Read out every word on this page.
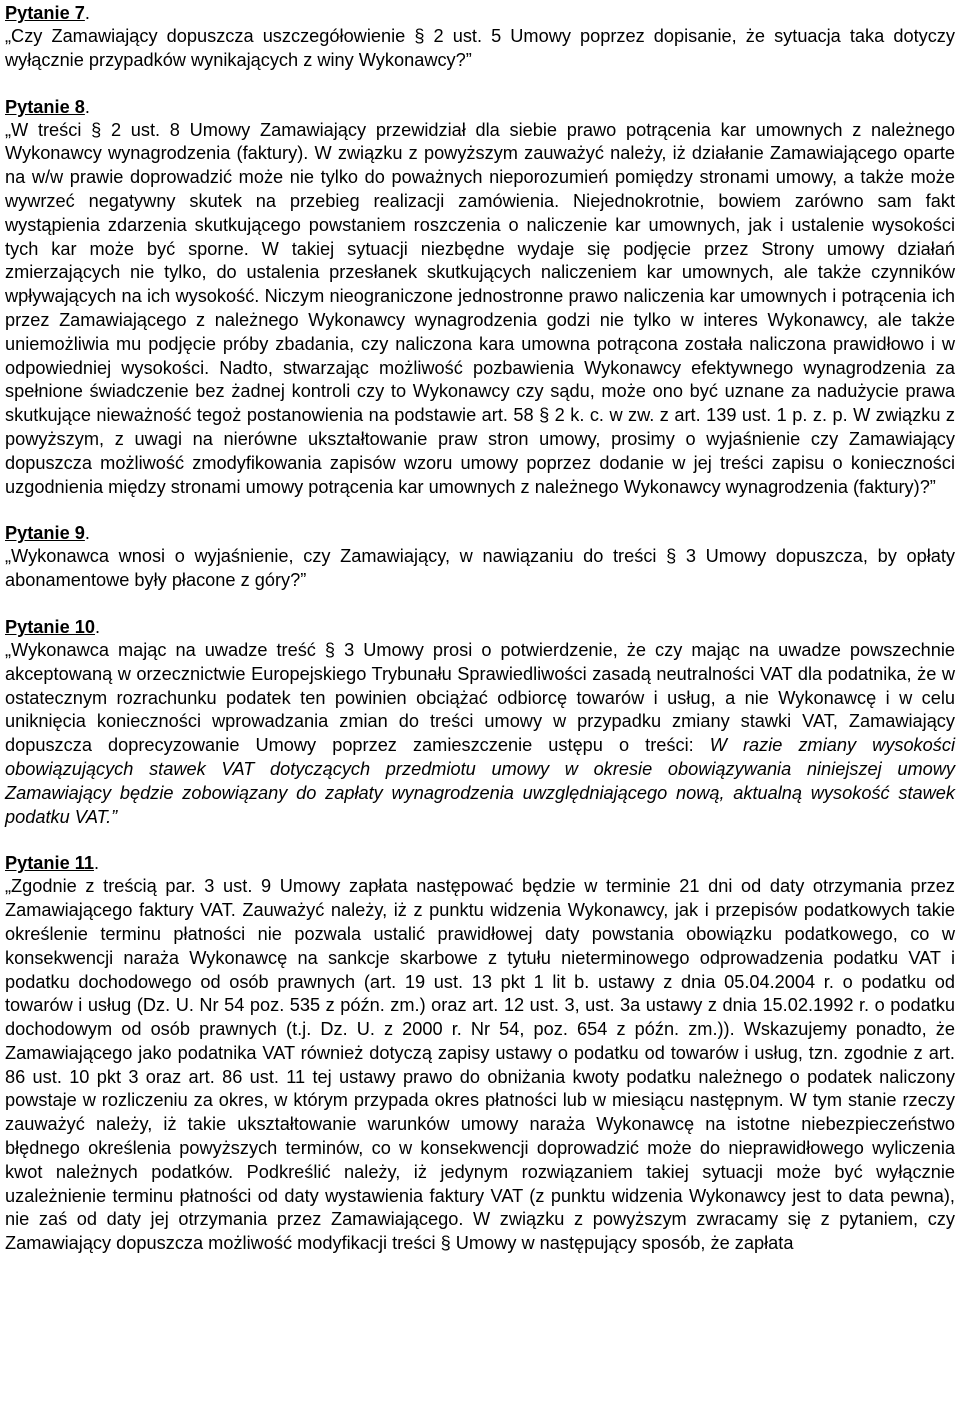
Pytanie 7.

„Czy Zamawiający dopuszcza uszczegółowienie § 2 ust. 5 Umowy poprzez dopisanie, że sytuacja taka dotyczy wyłącznie przypadków wynikających z winy Wykonawcy?”

Pytanie 8.

„W treści § 2 ust. 8 Umowy Zamawiający przewidział dla siebie prawo potrącenia kar umownych z należnego Wykonawcy wynagrodzenia (faktury). W związku z powyższym zauważyć należy, iż działanie Zamawiającego oparte na w/w prawie doprowadzić może nie tylko do poważnych nieporozumień pomiędzy stronami umowy, a także może wywrzeć negatywny skutek na przebieg realizacji zamówienia. Niejednokrotnie, bowiem zarówno sam fakt wystąpienia zdarzenia skutkującego powstaniem roszczenia o naliczenie kar umownych, jak i ustalenie wysokości tych kar może być sporne. W takiej sytuacji niezbędne wydaje się podjęcie przez Strony umowy działań zmierzających nie tylko, do ustalenia przesłanek skutkujących naliczeniem kar umownych, ale także czynników wpływających na ich wysokość. Niczym nieograniczone jednostronne prawo naliczenia kar umownych i potrącenia ich przez Zamawiającego z należnego Wykonawcy wynagrodzenia godzi nie tylko w interes Wykonawcy, ale także uniemożliwia mu podjęcie próby zbadania, czy naliczona kara umowna potrącona została naliczona prawidłowo i w odpowiedniej wysokości. Nadto, stwarzając możliwość pozbawienia Wykonawcy efektywnego wynagrodzenia za spełnione świadczenie bez żadnej kontroli czy to Wykonawcy czy sądu, może ono być uznane za nadużycie prawa skutkujące nieważność tegoż postanowienia na podstawie art. 58 § 2 k. c. w zw. z art. 139 ust. 1 p. z. p. W związku z powyższym, z uwagi na nierówne ukształtowanie praw stron umowy, prosimy o wyjaśnienie czy Zamawiający dopuszcza możliwość zmodyfikowania zapisów wzoru umowy poprzez dodanie w jej treści zapisu o konieczności uzgodnienia między stronami umowy potrącenia kar umownych z należnego Wykonawcy wynagrodzenia (faktury)?”

Pytanie 9.

„Wykonawca wnosi o wyjaśnienie, czy Zamawiający, w nawiązaniu do treści § 3 Umowy dopuszcza, by opłaty abonamentowe były płacone z góry?”

Pytanie 10.

„Wykonawca mając na uwadze treść § 3 Umowy prosi o potwierdzenie, że czy mając na uwadze powszechnie akceptowaną w orzecznictwie Europejskiego Trybunału Sprawiedliwości zasadą neutralności VAT dla podatnika, że w ostatecznym rozrachunku podatek ten powinien obciążać odbiorcę towarów i usług, a nie Wykonawcę i w celu uniknięcia konieczności wprowadzania zmian do treści umowy w przypadku zmiany stawki VAT, Zamawiający dopuszcza doprecyzowanie Umowy poprzez zamieszczenie ustępu o treści: W razie zmiany wysokości obowiązujących stawek VAT dotyczących przedmiotu umowy w okresie obowiązywania niniejszej umowy Zamawiający będzie zobowiązany do zapłaty wynagrodzenia uwzględniającego nową, aktualną wysokość stawek podatku VAT.”

Pytanie 11.

„Zgodnie z treścią par. 3 ust. 9 Umowy zapłata następować będzie w terminie 21 dni od daty otrzymania przez Zamawiającego faktury VAT. Zauważyć należy, iż z punktu widzenia Wykonawcy, jak i przepisów podatkowych takie określenie terminu płatności nie pozwala ustalić prawidłowej daty powstania obowiązku podatkowego, co w konsekwencji naraża Wykonawcę na sankcje skarbowe z tytułu nieterminowego odprowadzenia podatku VAT i podatku dochodowego od osób prawnych (art. 19 ust. 13 pkt 1 lit b. ustawy z dnia 05.04.2004 r. o podatku od towarów i usług (Dz. U. Nr 54 poz. 535 z późn. zm.) oraz art. 12 ust. 3, ust. 3a ustawy z dnia 15.02.1992 r. o podatku dochodowym od osób prawnych (t.j. Dz. U. z 2000 r. Nr 54, poz. 654 z późn. zm.)). Wskazujemy ponadto, że Zamawiającego jako podatnika VAT również dotyczą zapisy ustawy o podatku od towarów i usług, tzn. zgodnie z art. 86 ust. 10 pkt 3 oraz art. 86 ust. 11 tej ustawy prawo do obniżania kwoty podatku należnego o podatek naliczony powstaje w rozliczeniu za okres, w którym przypada okres płatności lub w miesiącu następnym. W tym stanie rzeczy zauważyć należy, iż takie ukształtowanie warunków umowy naraża Wykonawcę na istotne niebezpieczeństwo błędnego określenia powyższych terminów, co w konsekwencji doprowadzić może do nieprawidłowego wyliczenia kwot należnych podatków. Podkreślić należy, iż jedynym rozwiązaniem takiej sytuacji może być wyłącznie uzależnienie terminu płatności od daty wystawienia faktury VAT (z punktu widzenia Wykonawcy jest to data pewna), nie zaś od daty jej otrzymania przez Zamawiającego. W związku z powyższym zwracamy się z pytaniem, czy Zamawiający dopuszcza możliwość modyfikacji treści § Umowy w następujący sposób, że zapłata
